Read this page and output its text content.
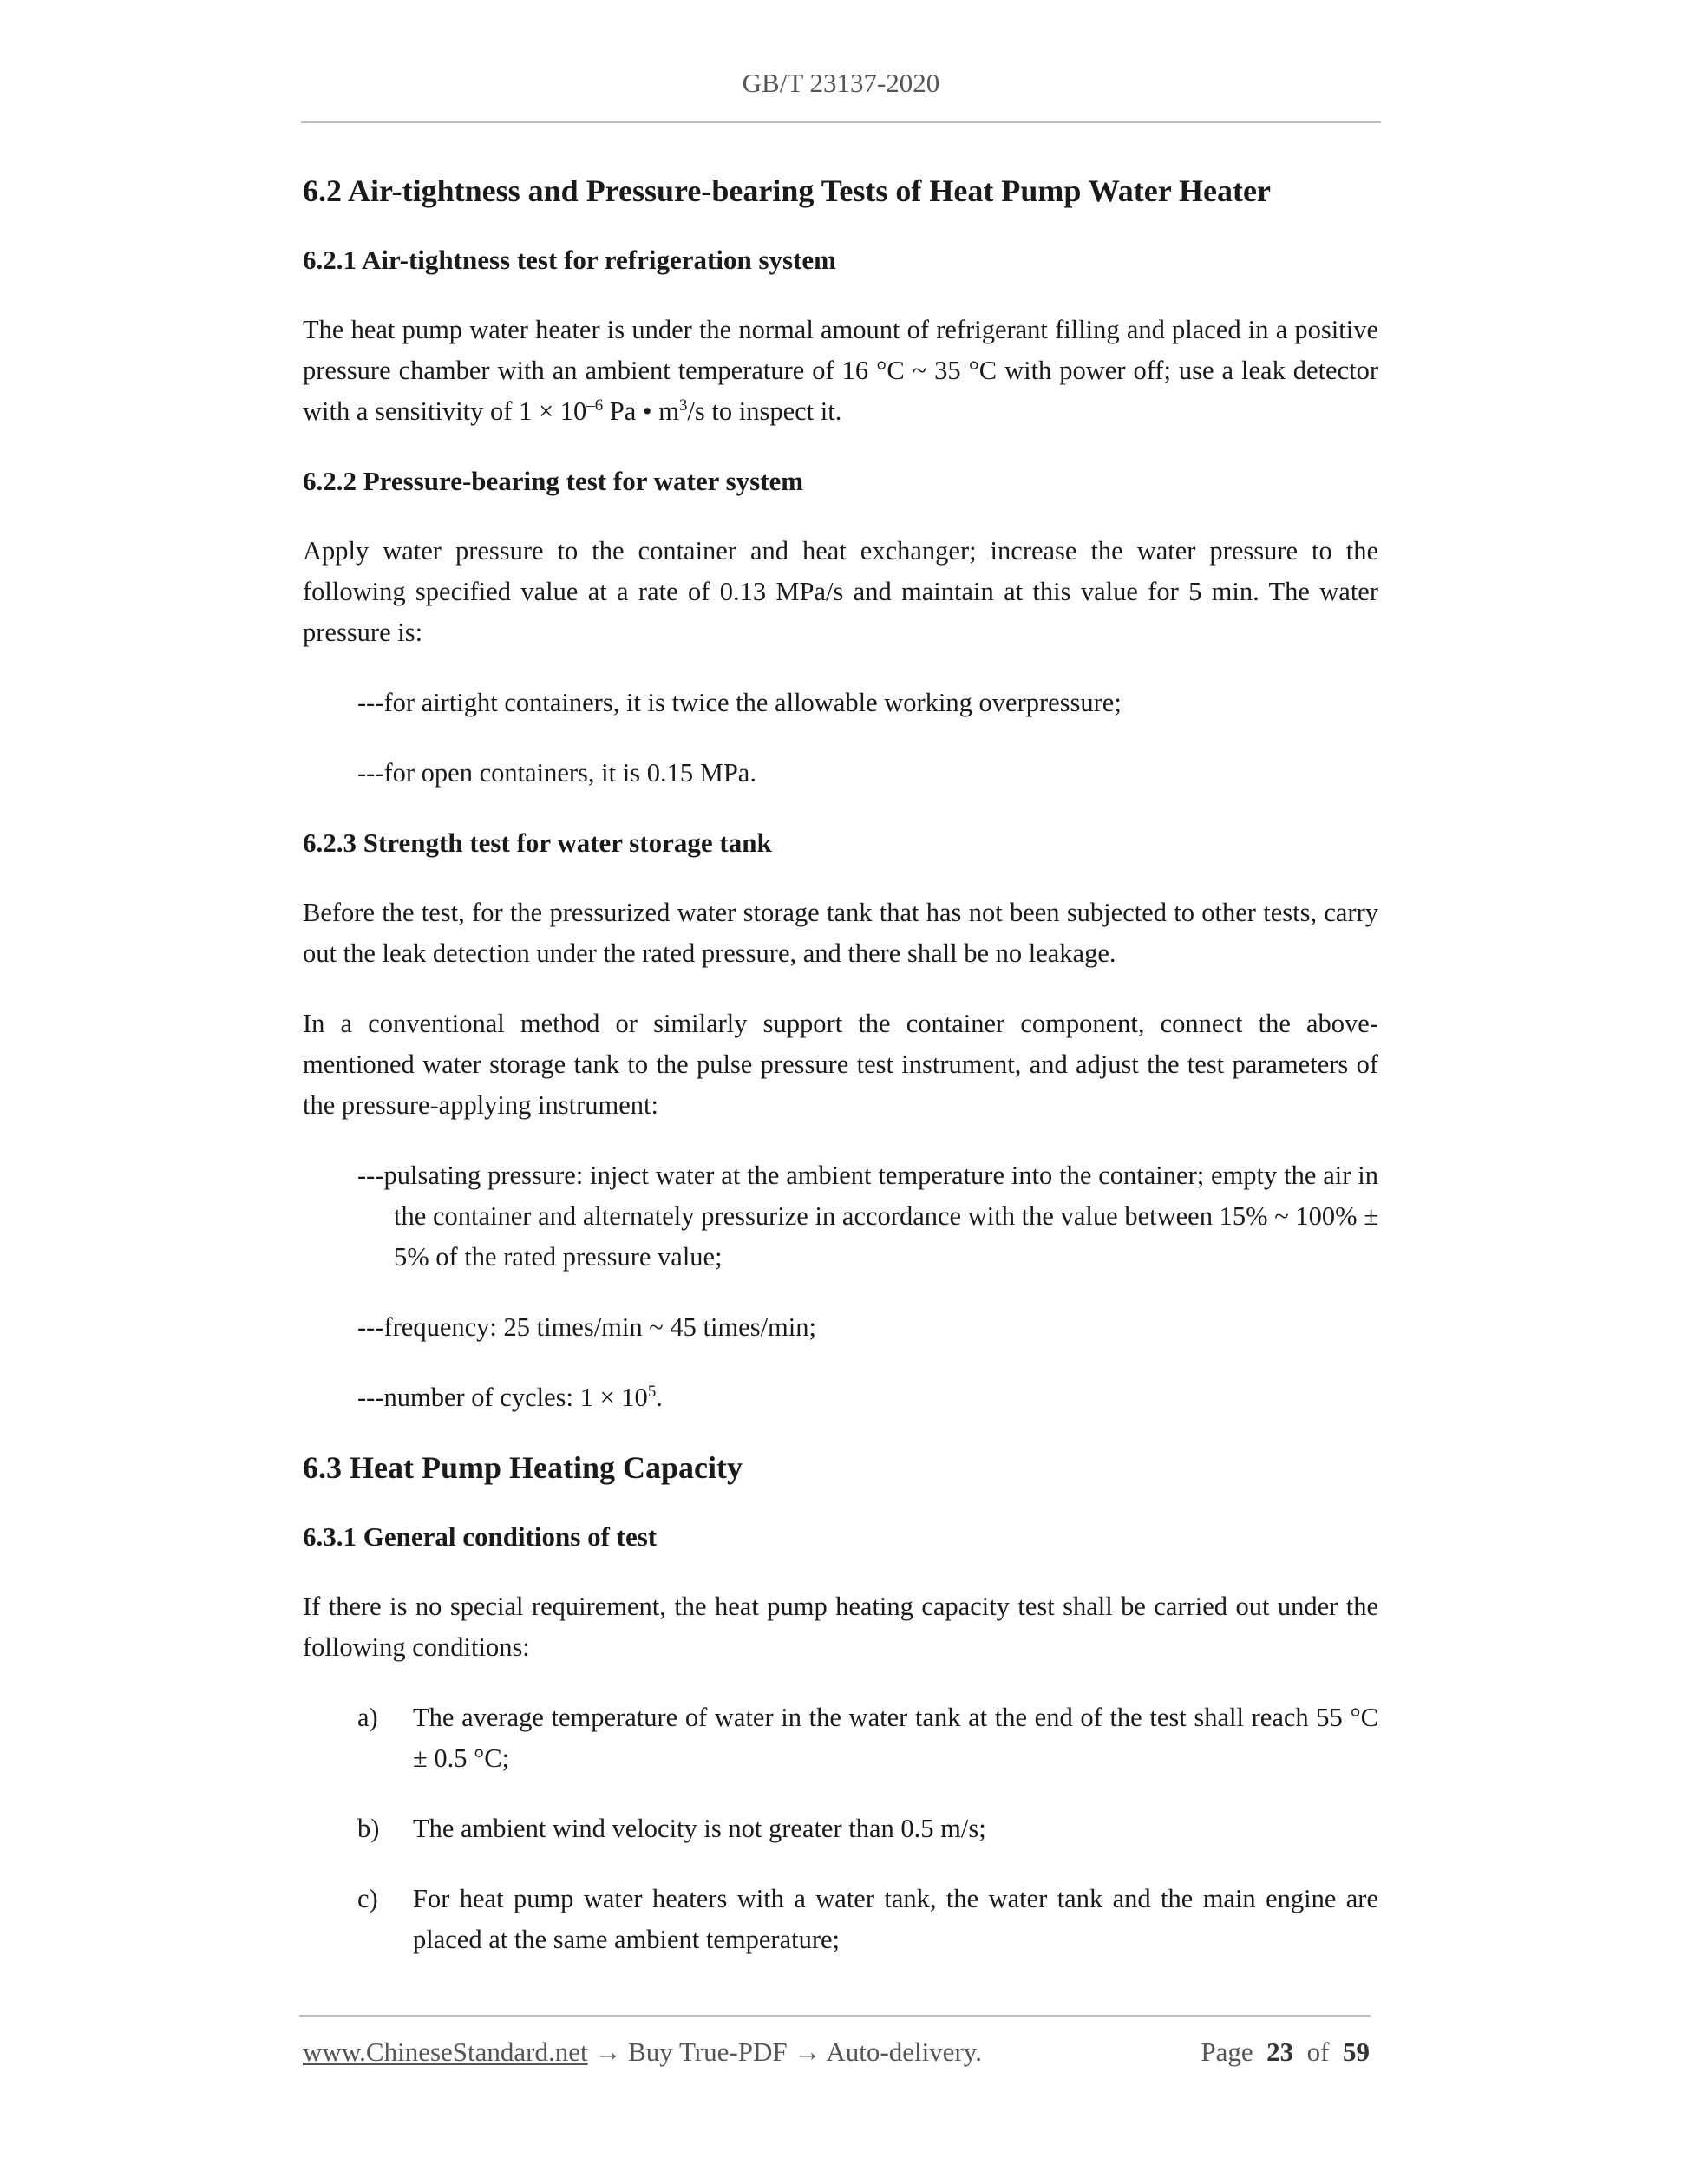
GB/T 23137-2020
6.2 Air-tightness and Pressure-bearing Tests of Heat Pump Water Heater
6.2.1 Air-tightness test for refrigeration system

The heat pump water heater is under the normal amount of refrigerant filling and placed in a positive pressure chamber with an ambient temperature of 16 °C ~ 35 °C with power off; use a leak detector with a sensitivity of $1 \times 10^{-6}$ Pa • $m^3/s$ to inspect it.

6.2.2 Pressure-bearing test for water system

Apply water pressure to the container and heat exchanger; increase the water pressure to the following specified value at a rate of 0.13 MPa/s and maintain at this value for 5 min. The water pressure is:

---for airtight containers, it is twice the allowable working overpressure;

---for open containers, it is 0.15 MPa.

6.2.3 Strength test for water storage tank

Before the test, for the pressurized water storage tank that has not been subjected to other tests, carry out the leak detection under the rated pressure, and there shall be no leakage.

In a conventional method or similarly support the container component, connect the above-mentioned water storage tank to the pulse pressure test instrument, and adjust the test parameters of the pressure-applying instrument:

---pulsating pressure: inject water at the ambient temperature into the container; empty the air in the container and alternately pressurize in accordance with the value between 15% ~ 100% ± 5% of the rated pressure value;

---frequency: 25 times/min ~ 45 times/min;

---number of cycles: $1 \times 10^5$.

6.3 Heat Pump Heating Capacity
6.3.1 General conditions of test

If there is no special requirement, the heat pump heating capacity test shall be carried out under the following conditions:

a)	The average temperature of water in the water tank at the end of the test shall reach 55 °C ± 0.5 °C;
b)	The ambient wind velocity is not greater than 0.5 m/s;
c)	For heat pump water heaters with a water tank, the water tank and the main engine are placed at the same ambient temperature;
www.ChineseStandard.net → Buy True-PDF → Auto-delivery.	Page 23 of 59
